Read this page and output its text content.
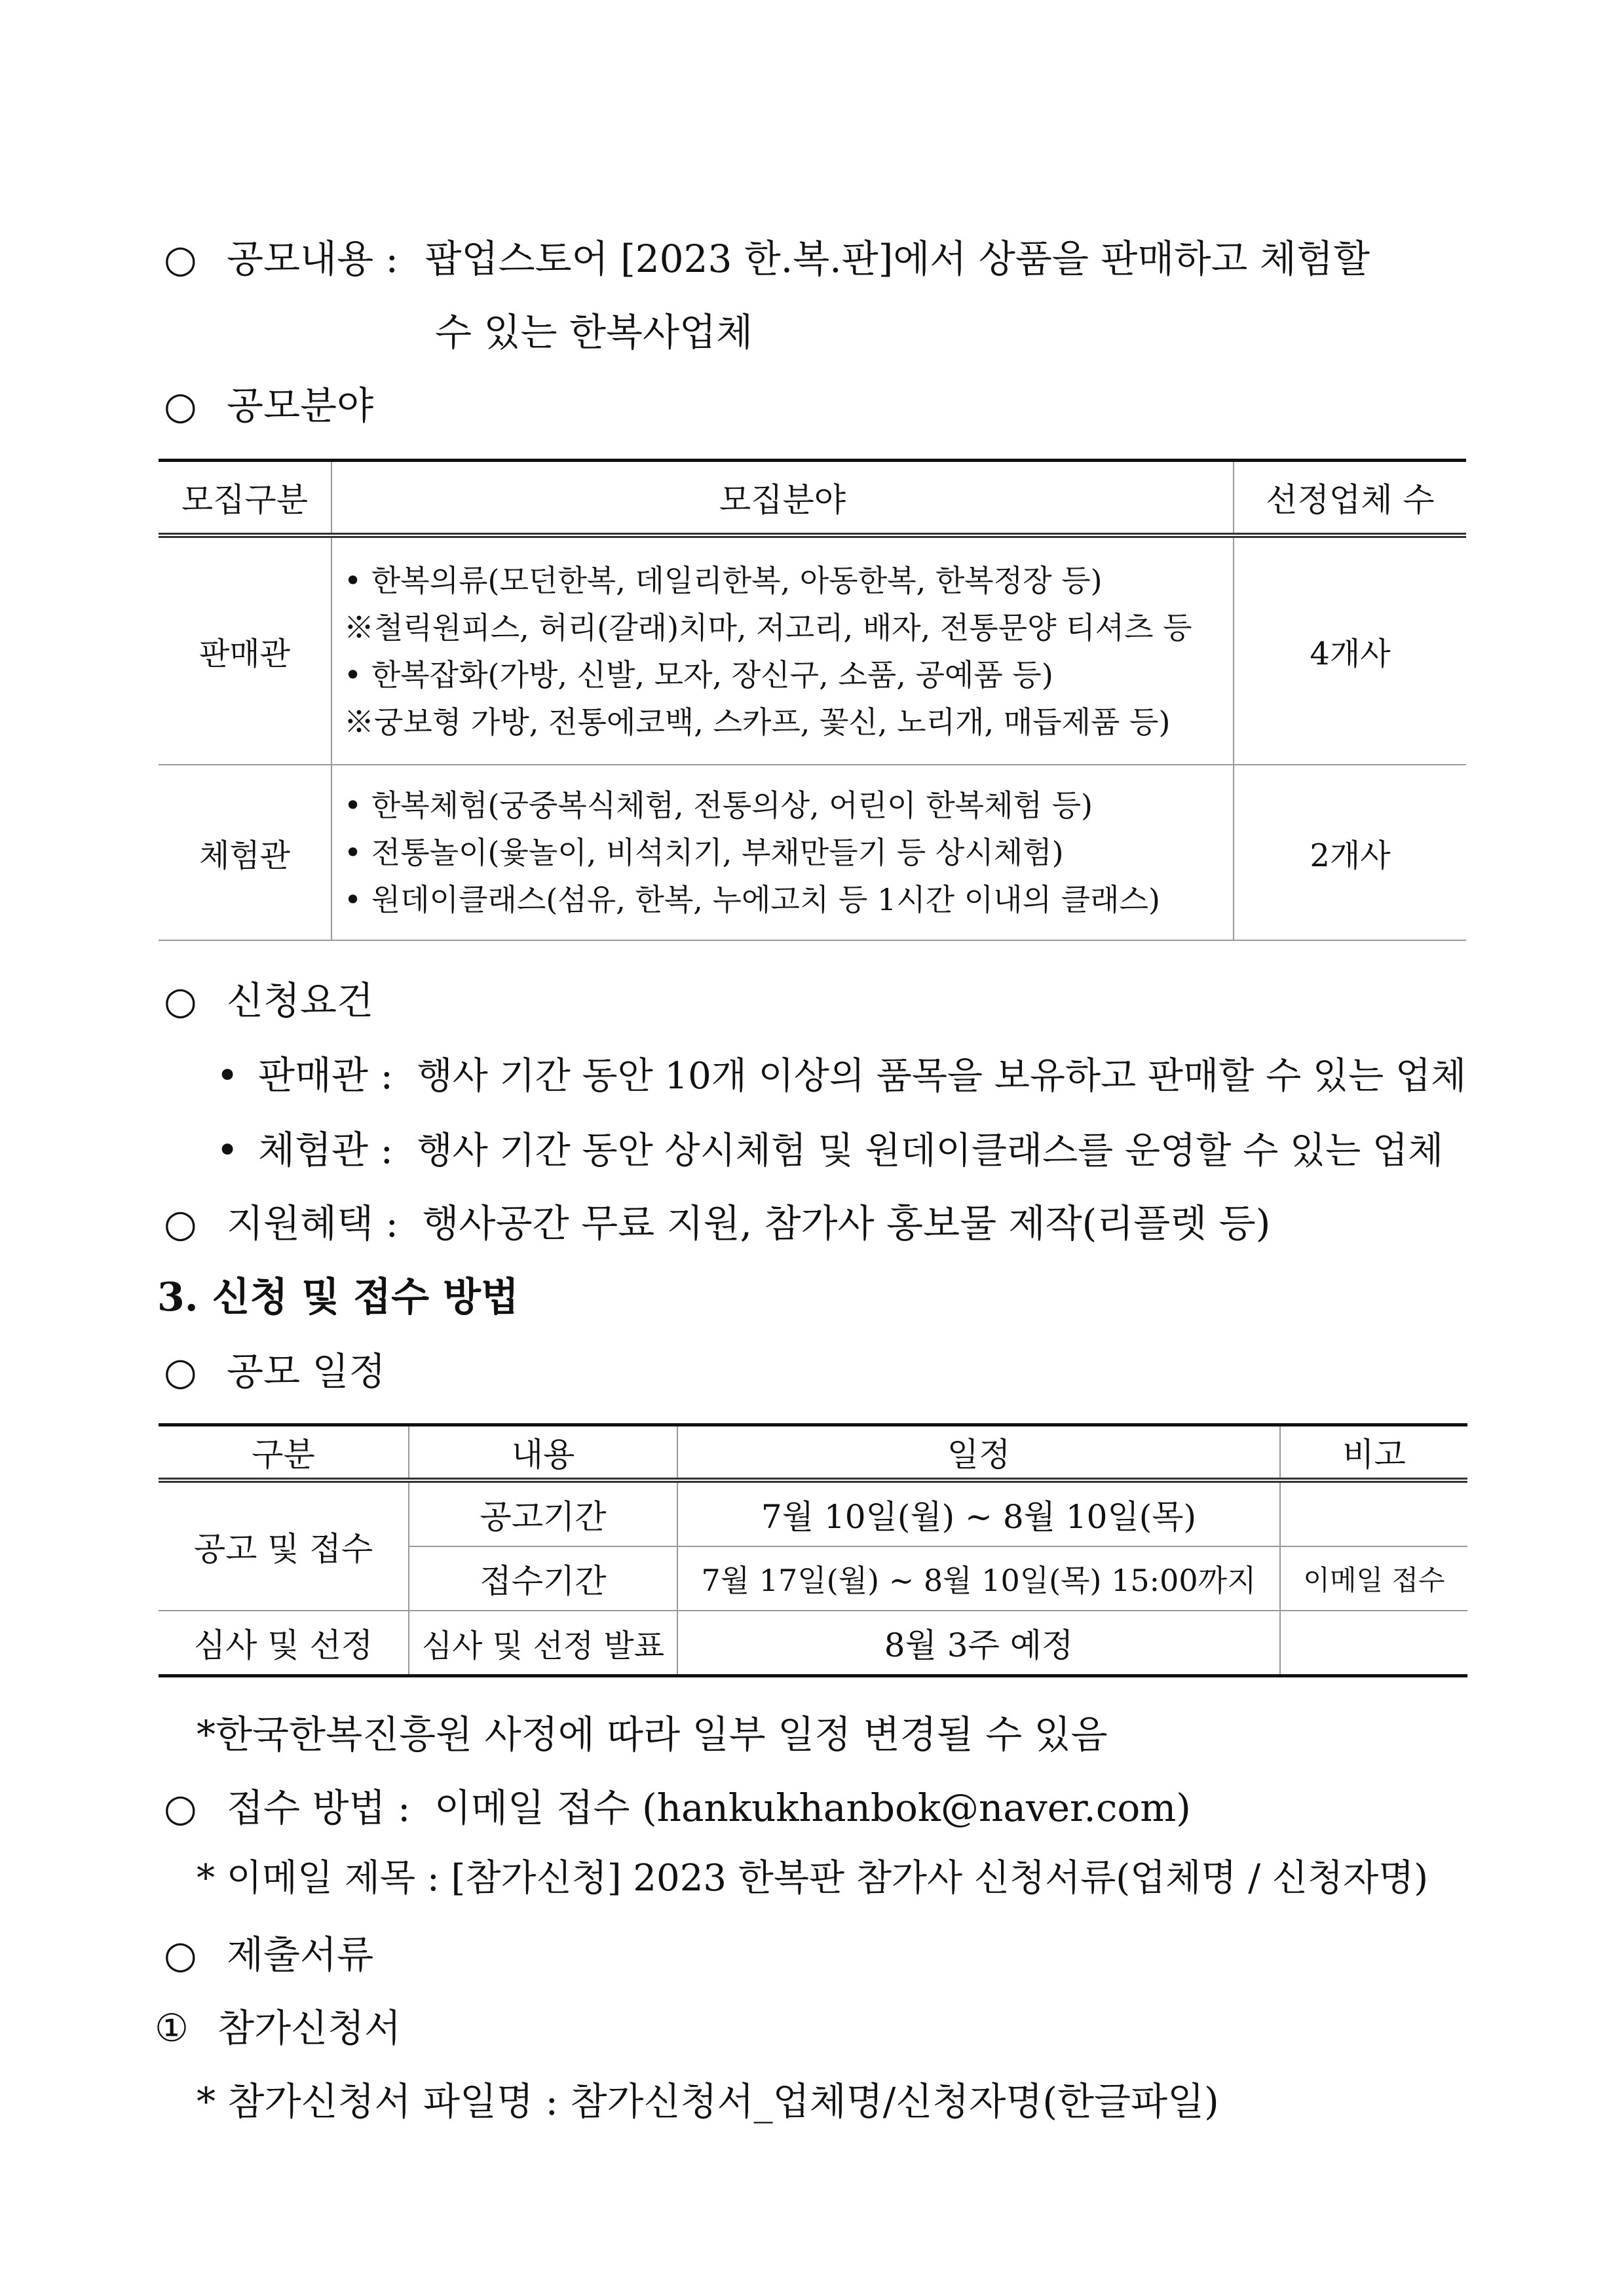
○ 공모내용 : 팝업스토어 [2023 한.복.판]에서 상품을 판매하고 체험할
수 있는 한복사업체
○ 공모분야
모집구분	모집분야	선정업체 수
판매관	• 한복의류(모던한복, 데일리한복, 아동한복, 한복정장 등)
※철릭원피스, 허리(갈래)치마, 저고리, 배자, 전통문양 티셔츠 등
• 한복잡화(가방, 신발, 모자, 장신구, 소품, 공예품 등)
※궁보형 가방, 전통에코백, 스카프, 꽃신, 노리개, 매듭제품 등)	4개사
체험관	• 한복체험(궁중복식체험, 전통의상, 어린이 한복체험 등)
• 전통놀이(윷놀이, 비석치기, 부채만들기 등 상시체험)
• 원데이클래스(섬유, 한복, 누에고치 등 1시간 이내의 클래스)	2개사
○ 신청요건
• 판매관 : 행사 기간 동안 10개 이상의 품목을 보유하고 판매할 수 있는 업체
• 체험관 : 행사 기간 동안 상시체험 및 원데이클래스를 운영할 수 있는 업체
○ 지원혜택 : 행사공간 무료 지원, 참가사 홍보물 제작(리플렛 등)
3. 신청 및 접수 방법
○ 공모 일정
구분	내용	일정	비고
공고 및 접수	공고기간	7월 10일(월) ~ 8월 10일(목)	
	접수기간	7월 17일(월) ~ 8월 10일(목) 15:00까지	이메일 접수
심사 및 선정	심사 및 선정 발표	8월 3주 예정	
*한국한복진흥원 사정에 따라 일부 일정 변경될 수 있음
○ 접수 방법 : 이메일 접수 (hankukhanbok@naver.com)
* 이메일 제목 : [참가신청] 2023 한복판 참가사 신청서류(업체명 / 신청자명)
○ 제출서류
① 참가신청서
* 참가신청서 파일명 : 참가신청서_업체명/신청자명(한글파일)
